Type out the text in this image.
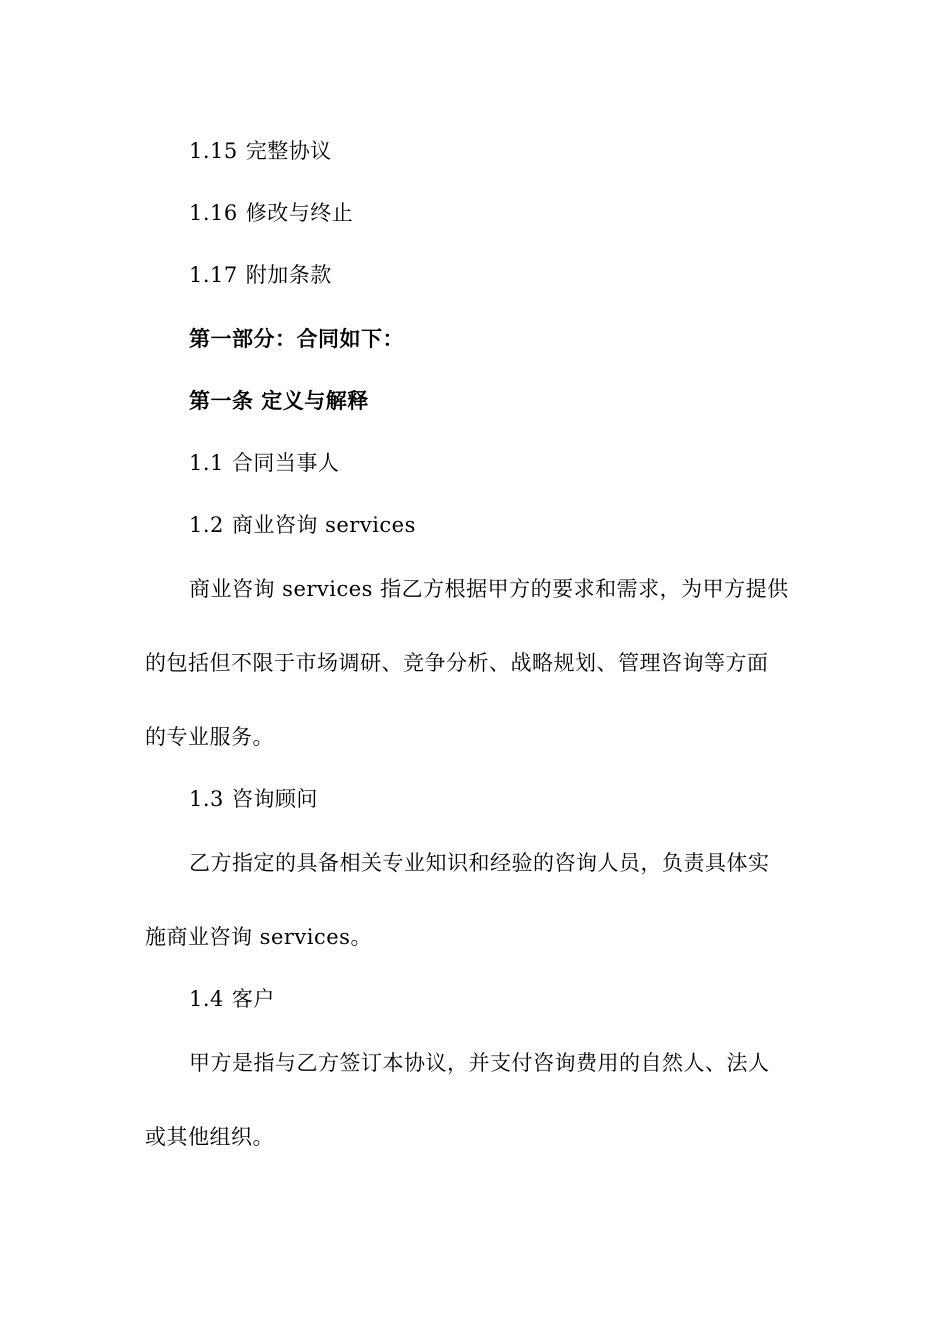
1.15 完整协议
1.16 修改与终止
1.17 附加条款
第一部分：合同如下：
第一条 定义与解释
1.1 合同当事人
1.2 商业咨询 services
商业咨询 services 指乙方根据甲方的要求和需求，为甲方提供
的包括但不限于市场调研、竞争分析、战略规划、管理咨询等方面
的专业服务。
1.3 咨询顾问
乙方指定的具备相关专业知识和经验的咨询人员，负责具体实
施商业咨询 services。
1.4 客户
甲方是指与乙方签订本协议，并支付咨询费用的自然人、法人
或其他组织。
